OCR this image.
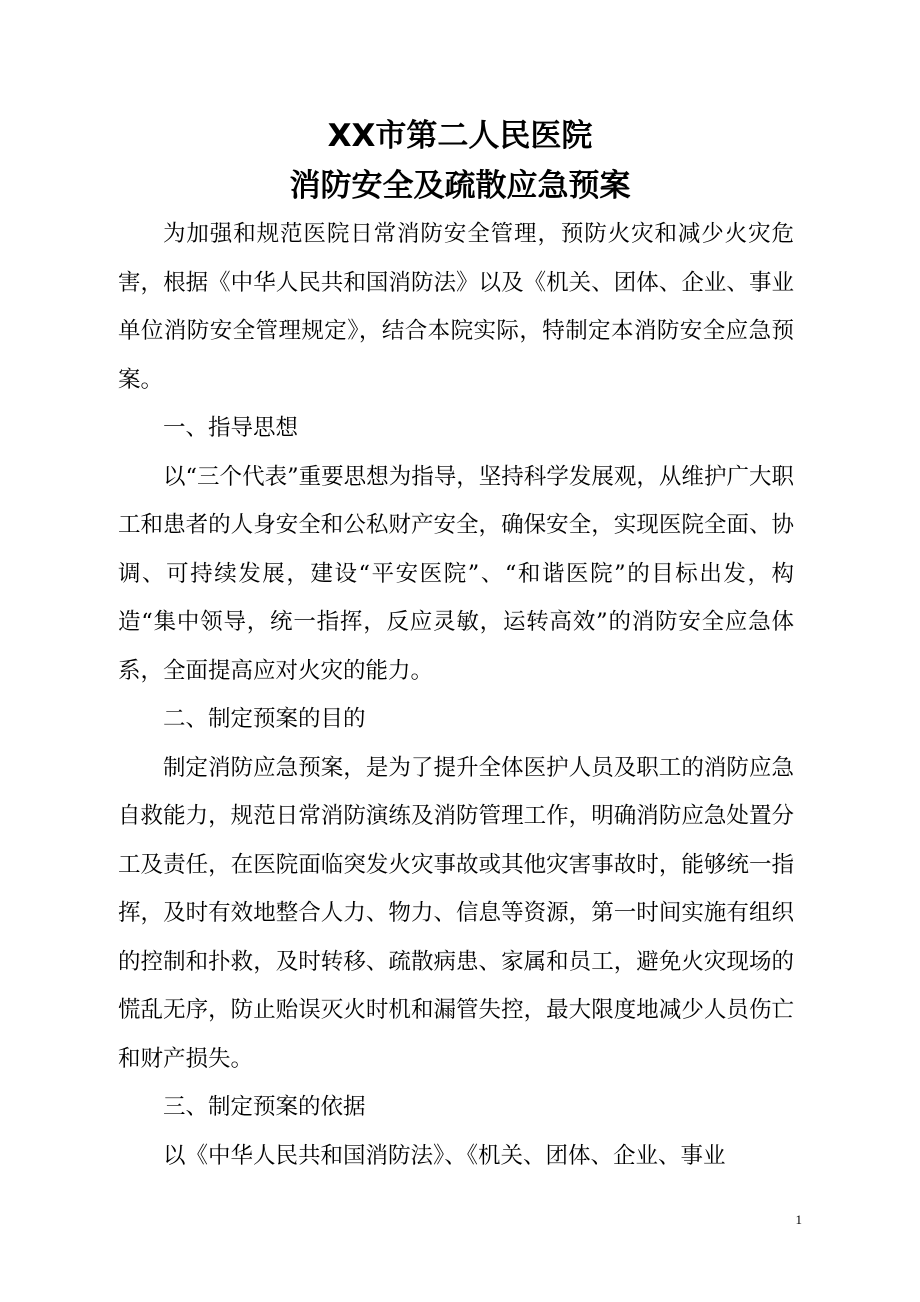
XX市第二人民医院
消防安全及疏散应急预案

为加强和规范医院日常消防安全管理，预防火灾和减少火灾危害，根据《中华人民共和国消防法》以及《机关、团体、企业、事业单位消防安全管理规定》，结合本院实际，特制定本消防安全应急预案。

一、指导思想

以“三个代表”重要思想为指导，坚持科学发展观，从维护广大职工和患者的人身安全和公私财产安全，确保安全，实现医院全面、协调、可持续发展，建设“平安医院”、“和谐医院”的目标出发，构造“集中领导，统一指挥，反应灵敏，运转高效”的消防安全应急体系，全面提高应对火灾的能力。

二、制定预案的目的

制定消防应急预案，是为了提升全体医护人员及职工的消防应急自救能力，规范日常消防演练及消防管理工作，明确消防应急处置分工及责任，在医院面临突发火灾事故或其他灾害事故时，能够统一指挥，及时有效地整合人力、物力、信息等资源，第一时间实施有组织的控制和扑救，及时转移、疏散病患、家属和员工，避免火灾现场的慌乱无序，防止贻误灭火时机和漏管失控，最大限度地减少人员伤亡和财产损失。

三、制定预案的依据

以《中华人民共和国消防法》、《机关、团体、企业、事业

1
